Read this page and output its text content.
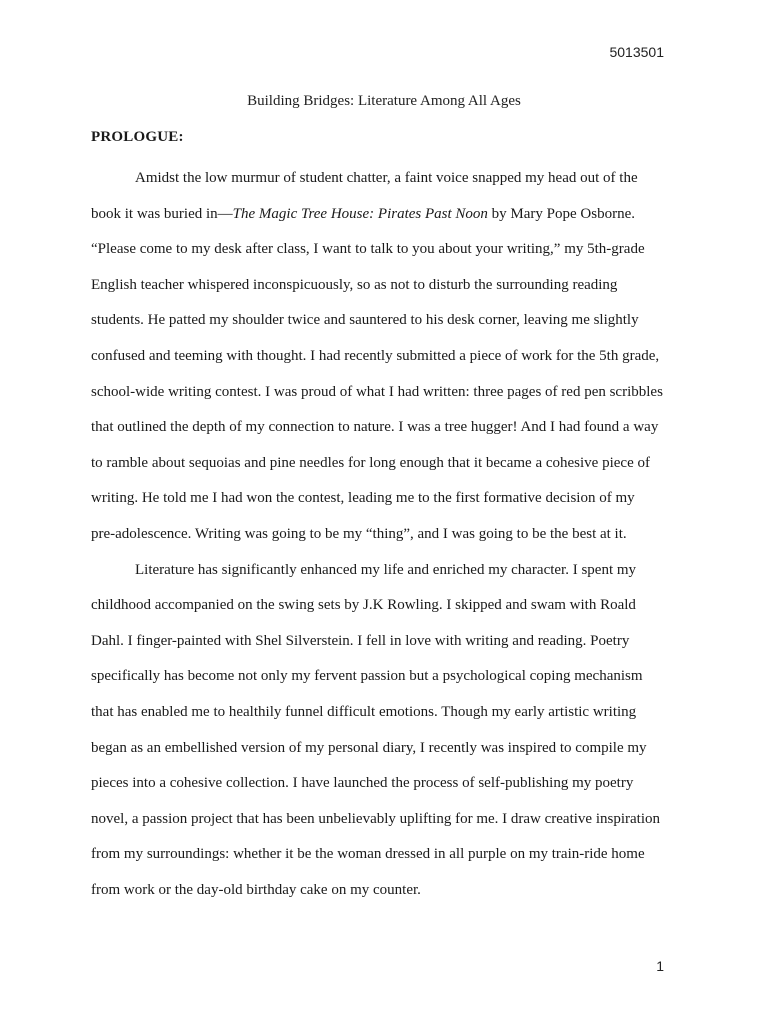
5013501
Building Bridges: Literature Among All Ages
PROLOGUE:
Amidst the low murmur of student chatter, a faint voice snapped my head out of the
book it was buried in—The Magic Tree House: Pirates Past Noon by Mary Pope Osborne.
“Please come to my desk after class, I want to talk to you about your writing,” my 5th-grade
English teacher whispered inconspicuously, so as not to disturb the surrounding reading
students. He patted my shoulder twice and sauntered to his desk corner, leaving me slightly
confused and teeming with thought. I had recently submitted a piece of work for the 5th grade,
school-wide writing contest. I was proud of what I had written: three pages of red pen scribbles
that outlined the depth of my connection to nature. I was a tree hugger! And I had found a way
to ramble about sequoias and pine needles for long enough that it became a cohesive piece of
writing. He told me I had won the contest, leading me to the first formative decision of my
pre-adolescence. Writing was going to be my “thing”, and I was going to be the best at it.
Literature has significantly enhanced my life and enriched my character. I spent my
childhood accompanied on the swing sets by J.K Rowling. I skipped and swam with Roald
Dahl. I finger-painted with Shel Silverstein. I fell in love with writing and reading. Poetry
specifically has become not only my fervent passion but a psychological coping mechanism
that has enabled me to healthily funnel difficult emotions. Though my early artistic writing
began as an embellished version of my personal diary, I recently was inspired to compile my
pieces into a cohesive collection. I have launched the process of self-publishing my poetry
novel, a passion project that has been unbelievably uplifting for me. I draw creative inspiration
from my surroundings: whether it be the woman dressed in all purple on my train-ride home
from work or the day-old birthday cake on my counter.
1
